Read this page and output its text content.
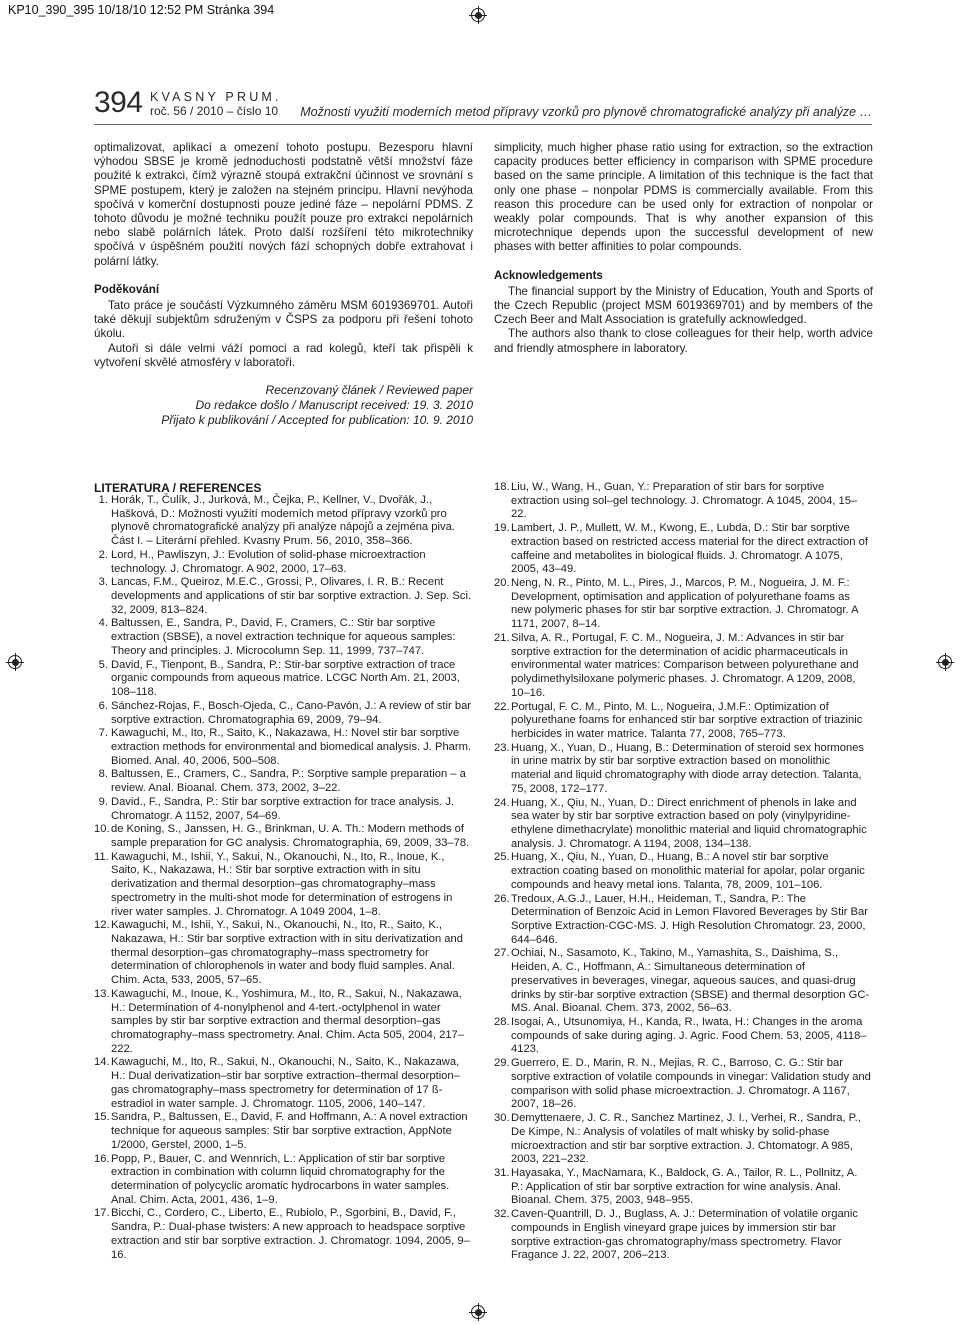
KP10_390_395 10/18/10 12:52 PM Stránka 394
394 KVASNY PRUM.
roč. 56 / 2010 – číslo 10 Možnosti využití moderních metod přípravy vzorků pro plynově chromatografické analýzy při analýze …

optimalizovat, aplikací a omezení tohoto postupu. Bezesporu hlavní výhodou SBSE je kromě jednoduchosti podstatně větší množství fáze použité k extrakci, čímž výrazně stoupá extrakční účinnost ve srovnání s SPME postupem, který je založen na stejném principu. Hlavní nevýhoda spočívá v komerční dostupnosti pouze jediné fáze – nepolární PDMS. Z tohoto důvodu je možné techniku použít pouze pro extrakci nepolárních nebo slabě polárních látek. Proto další rozšíření této mikrotechniky spočívá v úspěšném použití nových fází schopných dobře extrahovat i polární látky.

Poděkování

Tato práce je součástí Výzkumného záměru MSM 6019369701. Autoři také děkují subjektům sdruženým v ČSPS za podporu při řešení tohoto úkolu.

Autoři si dále velmi váží pomoci a rad kolegů, kteří tak přispěli k vytvoření skvělé atmosféry v laboratoři.

simplicity, much higher phase ratio using for extraction, so the extraction capacity produces better efficiency in comparison with SPME procedure based on the same principle. A limitation of this technique is the fact that only one phase – nonpolar PDMS is commercially available. From this reason this procedure can be used only for extraction of nonpolar or weakly polar compounds. That is why another expansion of this microtechnique depends upon the successful development of new phases with better affinities to polar compounds.

Acknowledgements

The financial support by the Ministry of Education, Youth and Sports of the Czech Republic (project MSM 6019369701) and by members of the Czech Beer and Malt Association is gratefully acknowledged.

The authors also thank to close colleagues for their help, worth advice and friendly atmosphere in laboratory.

Recenzovaný článek / Reviewed paper
Do redakce došlo / Manuscript received: 19. 3. 2010
Přijato k publikování / Accepted for publication: 10. 9. 2010
LITERATURA / REFERENCES
1. Horák, T., Čulík, J., Jurková, M., Čejka, P., Kellner, V., Dvořák, J., Hašková, D.: Možnosti využití moderních metod přípravy vzorků pro plynově chromatografické analýzy při analýze nápojů a zejména piva. Část I. – Literární přehled. Kvasny Prum. 56, 2010, 358–366.
2. Lord, H., Pawliszyn, J.: Evolution of solid-phase microextraction technology. J. Chromatogr. A 902, 2000, 17–63.
3. Lancas, F.M., Queiroz, M.E.C., Grossi, P., Olivares, I. R. B.: Recent developments and applications of stir bar sorptive extraction. J. Sep. Sci. 32, 2009, 813–824.
4. Baltussen, E., Sandra, P., David, F., Cramers, C.: Stir bar sorptive extraction (SBSE), a novel extraction technique for aqueous samples: Theory and principles. J. Microcolumn Sep. 11, 1999, 737–747.
5. David, F., Tienpont, B., Sandra, P.: Stir-bar sorptive extraction of trace organic compounds from aqueous matrice. LCGC North Am. 21, 2003, 108–118.
6. Sánchez-Rojas, F., Bosch-Ojeda, C., Cano-Pavón, J.: A review of stir bar sorptive extraction. Chromatographia 69, 2009, 79–94.
7. Kawaguchi, M., Ito, R., Saito, K., Nakazawa, H.: Novel stir bar sorptive extraction methods for environmental and biomedical analysis. J. Pharm. Biomed. Anal. 40, 2006, 500–508.
8. Baltussen, E., Cramers, C., Sandra, P.: Sorptive sample preparation – a review. Anal. Bioanal. Chem. 373, 2002, 3–22.
9. David., F., Sandra, P.: Stir bar sorptive extraction for trace analysis. J. Chromatogr. A 1152, 2007, 54–69.
10. de Koning, S., Janssen, H. G., Brinkman, U. A. Th.: Modern methods of sample preparation for GC analysis. Chromatographia, 69, 2009, 33–78.
11. Kawaguchi, M., Ishii, Y., Sakui, N., Okanouchi, N., Ito, R., Inoue, K., Saito, K., Nakazawa, H.: Stir bar sorptive extraction with in situ derivatization and thermal desorption–gas chromatography–mass spectrometry in the multi-shot mode for determination of estrogens in river water samples. J. Chromatogr. A 1049 2004, 1–8.
12. Kawaguchi, M., Ishii, Y., Sakui, N., Okanouchi, N., Ito, R., Saito, K., Nakazawa, H.: Stir bar sorptive extraction with in situ derivatization and thermal desorption–gas chromatography–mass spectrometry for determination of chlorophenols in water and body fluid samples. Anal. Chim. Acta, 533, 2005, 57–65.
13. Kawaguchi, M., Inoue, K., Yoshimura, M., Ito, R., Sakui, N., Nakazawa, H.: Determination of 4-nonylphenol and 4-tert.-octylphenol in water samples by stir bar sorptive extraction and thermal desorption–gas chromatography–mass spectrometry. Anal. Chim. Acta 505, 2004, 217–222.
14. Kawaguchi, M., Ito, R., Sakui, N., Okanouchi, N., Saito, K., Nakazawa, H.: Dual derivatization–stir bar sorptive extraction–thermal desorption–gas chromatography–mass spectrometry for determination of 17 ß-estradiol in water sample. J. Chromatogr. 1105, 2006, 140–147.
15. Sandra, P., Baltussen, E., David, F. and Hoffmann, A.: A novel extraction technique for aqueous samples: Stir bar sorptive extraction, AppNote 1/2000, Gerstel, 2000, 1–5.
16. Popp, P., Bauer, C. and Wennrich, L.: Application of stir bar sorptive extraction in combination with column liquid chromatography for the determination of polycyclic aromatic hydrocarbons in water samples. Anal. Chim. Acta, 2001, 436, 1–9.
17. Bicchi, C., Cordero, C., Liberto, E., Rubiolo, P., Sgorbini, B., David, F., Sandra, P.: Dual-phase twisters: A new approach to headspace sorptive extraction and stir bar sorptive extraction. J. Chromatogr. 1094, 2005, 9–16.
18. Liu, W., Wang, H., Guan, Y.: Preparation of stir bars for sorptive extraction using sol–gel technology. J. Chromatogr. A 1045, 2004, 15–22.
19. Lambert, J. P., Mullett, W. M., Kwong, E., Lubda, D.: Stir bar sorptive extraction based on restricted access material for the direct extraction of caffeine and metabolites in biological fluids. J. Chromatogr. A 1075, 2005, 43–49.
20. Neng, N. R., Pinto, M. L., Pires, J., Marcos, P. M., Nogueira, J. M. F.: Development, optimisation and application of polyurethane foams as new polymeric phases for stir bar sorptive extraction. J. Chromatogr. A 1171, 2007, 8–14.
21. Silva, A. R., Portugal, F. C. M., Nogueira, J. M.: Advances in stir bar sorptive extraction for the determination of acidic pharmaceuticals in environmental water matrices: Comparison between polyurethane and polydimethylsiloxane polymeric phases. J. Chromatogr. A 1209, 2008, 10–16.
22. Portugal, F. C. M., Pinto, M. L., Nogueira, J.M.F.: Optimization of polyurethane foams for enhanced stir bar sorptive extraction of triazinic herbicides in water matrice. Talanta 77, 2008, 765–773.
23. Huang, X., Yuan, D., Huang, B.: Determination of steroid sex hormones in urine matrix by stir bar sorptive extraction based on monolithic material and liquid chromatography with diode array detection. Talanta, 75, 2008, 172–177.
24. Huang, X., Qiu, N., Yuan, D.: Direct enrichment of phenols in lake and sea water by stir bar sorptive extraction based on poly (vinylpyridine-ethylene dimethacrylate) monolithic material and liquid chromatographic analysis. J. Chromatogr. A 1194, 2008, 134–138.
25. Huang, X., Qiu, N., Yuan, D., Huang, B.: A novel stir bar sorptive extraction coating based on monolithic material for apolar, polar organic compounds and heavy metal ions. Talanta, 78, 2009, 101–106.
26. Tredoux, A.G.J., Lauer, H.H., Heideman, T., Sandra, P.: The Determination of Benzoic Acid in Lemon Flavored Beverages by Stir Bar Sorptive Extraction-CGC-MS. J. High Resolution Chromatogr. 23, 2000, 644–646.
27. Ochiai, N., Sasamoto, K., Takino, M., Yamashita, S., Daishima, S., Heiden, A. C., Hoffmann, A.: Simultaneous determination of preservatives in beverages, vinegar, aqueous sauces, and quasi-drug drinks by stir-bar sorptive extraction (SBSE) and thermal desorption GC-MS. Anal. Bioanal. Chem. 373, 2002, 56–63.
28. Isogai, A., Utsunomiya, H., Kanda, R., Iwata, H.: Changes in the aroma compounds of sake during aging. J. Agric. Food Chem. 53, 2005, 4118–4123.
29. Guerrero, E. D., Marin, R. N., Mejias, R. C., Barroso, C. G.: Stir bar sorptive extraction of volatile compounds in vinegar: Validation study and comparison with solid phase microextraction. J. Chromatogr. A 1167, 2007, 18–26.
30. Demyttenaere, J. C. R., Sanchez Martinez, J. I., Verhei, R., Sandra, P., De Kimpe, N.: Analysis of volatiles of malt whisky by solid-phase microextraction and stir bar sorptive extraction. J. Chtomatogr. A 985, 2003, 221–232.
31. Hayasaka, Y., MacNamara, K., Baldock, G. A., Tailor, R. L., Pollnitz, A. P.: Application of stir bar sorptive extraction for wine analysis. Anal. Bioanal. Chem. 375, 2003, 948–955.
32. Caven-Quantrill, D. J., Buglass, A. J.: Determination of volatile organic compounds in English vineyard grape juices by immersion stir bar sorptive extraction-gas chromatography/mass spectrometry. Flavor Fragance J. 22, 2007, 206–213.
